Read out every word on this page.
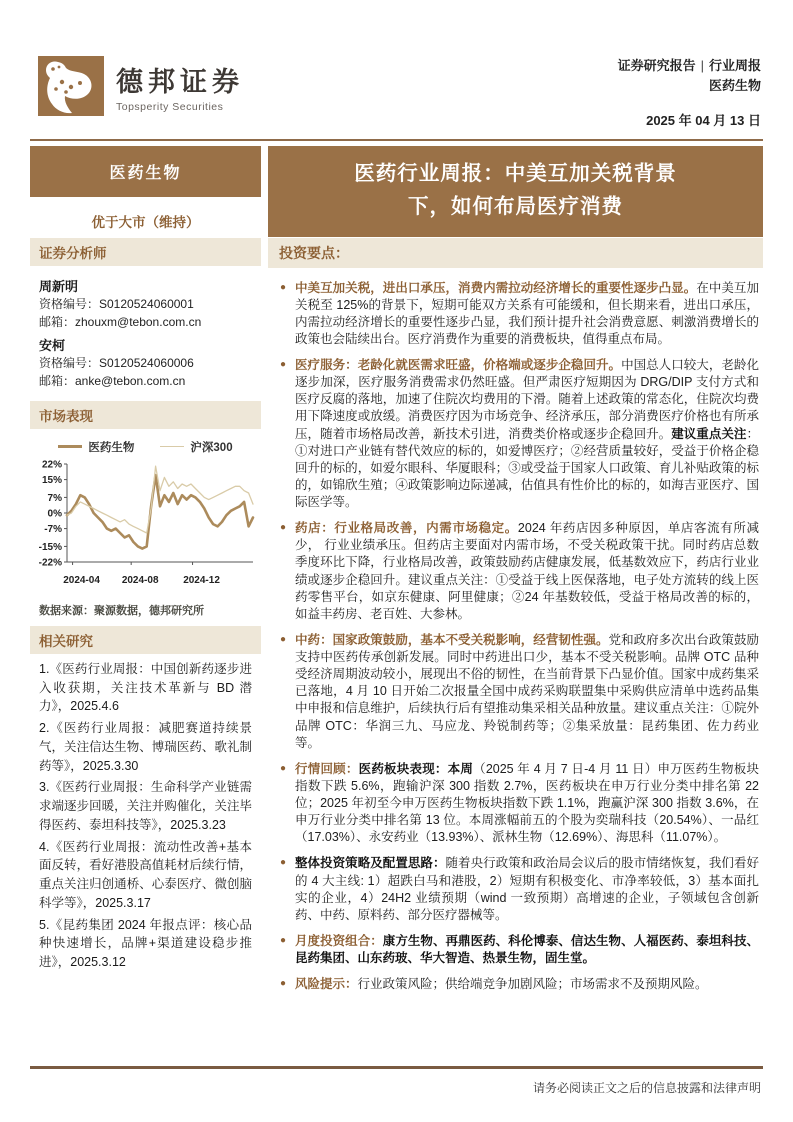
德邦证券
Topsperity Securities
证券研究报告 | 行业周报
医药生物
2025 年 04 月 13 日
医药生物
优于大市（维持）
医药行业周报：中美互加关税背景
下，如何布局医疗消费
证券分析师
周新明
资格编号：S0120524060001
邮箱：zhouxm@tebon.com.cn
安柯
资格编号：S0120524060006
邮箱：anke@tebon.com.cn
市场表现
医药生物	沪深300
22%
15%
7%
0%
-7%
-15%
-22%
2024-04 2024-08 2024-12
数据来源：聚源数据，德邦研究所
相关研究
1.《医药行业周报：中国创新药逐步进入收获期，关注技术革新与 BD 潜力》，2025.4.6
2.《医药行业周报：减肥赛道持续景气，关注信达生物、博瑞医药、歌礼制药等》，2025.3.30
3.《医药行业周报：生命科学产业链需求端逐步回暖，关注并购催化，关注毕得医药、泰坦科技等》，2025.3.23
4.《医药行业周报：流动性改善+基本面反转，看好港股高值耗材后续行情，重点关注归创通桥、心泰医疗、微创脑科学等》，2025.3.17
5.《昆药集团 2024 年报点评：核心品种快速增长，品牌+渠道建设稳步推进》，2025.3.12
投资要点：
● 中美互加关税，进出口承压，消费内需拉动经济增长的重要性逐步凸显。在中美互加关税至 125%的背景下，短期可能双方关系有可能缓和，但长期来看，进出口承压，内需拉动经济增长的重要性逐步凸显，我们预计提升社会消费意愿、刺激消费增长的政策也会陆续出台。医疗消费作为重要的消费板块，值得重点布局。
● 医疗服务：老龄化就医需求旺盛，价格端或逐步企稳回升。中国总人口较大，老龄化逐步加深，医疗服务消费需求仍然旺盛。但严肃医疗短期因为 DRG/DIP 支付方式和医疗反腐的落地，加速了住院次均费用的下滑。随着上述政策的常态化，住院次均费用下降速度或放缓。消费医疗因为市场竞争、经济承压，部分消费医疗价格也有所承压，随着市场格局改善，新技术引进，消费类价格或逐步企稳回升。建议重点关注：①对进口产业链有替代效应的标的，如爱博医疗；②经营质量较好，受益于价格企稳回升的标的，如爱尔眼科、华厦眼科；③或受益于国家人口政策、育儿补贴政策的标的，如锦欣生殖；④政策影响边际递减，估值具有性价比的标的，如海吉亚医疗、国际医学等。
● 药店：行业格局改善，内需市场稳定。2024 年药店因多种原因，单店客流有所减少， 行业业绩承压。但药店主要面对内需市场，不受关税政策干扰。同时药店总数季度环比下降，行业格局改善，政策鼓励药店健康发展，低基数效应下，药店行业业绩或逐步企稳回升。建议重点关注：①受益于线上医保落地，电子处方流转的线上医药零售平台，如京东健康、阿里健康；②24 年基数较低，受益于格局改善的标的，如益丰药房、老百姓、大参林。
● 中药：国家政策鼓励，基本不受关税影响，经营韧性强。党和政府多次出台政策鼓励支持中医药传承创新发展。同时中药进出口少，基本不受关税影响。品牌 OTC 品种受经济周期波动较小，展现出不俗的韧性，在当前背景下凸显价值。国家中成药集采已落地，4 月 10 日开始二次报量全国中成药采购联盟集中采购供应清单中选药品集中申报和信息维护，后续执行后有望推动集采相关品种放量。建议重点关注：①院外品牌 OTC：华润三九、马应龙、羚锐制药等；②集采放量：昆药集团、佐力药业等。
● 行情回顾：医药板块表现：本周（2025 年 4 月 7 日-4 月 11 日）申万医药生物板块指数下跌 5.6%，跑输沪深 300 指数 2.7%，医药板块在申万行业分类中排名第 22 位；2025 年初至今申万医药生物板块指数下跌 1.1%，跑赢沪深 300 指数 3.6%，在申万行业分类中排名第 13 位。本周涨幅前五的个股为奕瑞科技（20.54%）、一品红（17.03%）、永安药业（13.93%）、派林生物（12.69%）、海思科（11.07%）。
● 整体投资策略及配置思路：随着央行政策和政治局会议后的股市情绪恢复，我们看好的 4 大主线: 1）超跌白马和港股，2）短期有积极变化、市净率较低，3）基本面扎实的企业，4）24H2 业绩预期（wind 一致预期）高增速的企业，子领域包含创新药、中药、原料药、部分医疗器械等。
● 月度投资组合：康方生物、再鼎医药、科伦博泰、信达生物、人福医药、泰坦科技、昆药集团、山东药玻、华大智造、热景生物，固生堂。
● 风险提示：行业政策风险；供给端竞争加剧风险；市场需求不及预期风险。
请务必阅读正文之后的信息披露和法律声明
